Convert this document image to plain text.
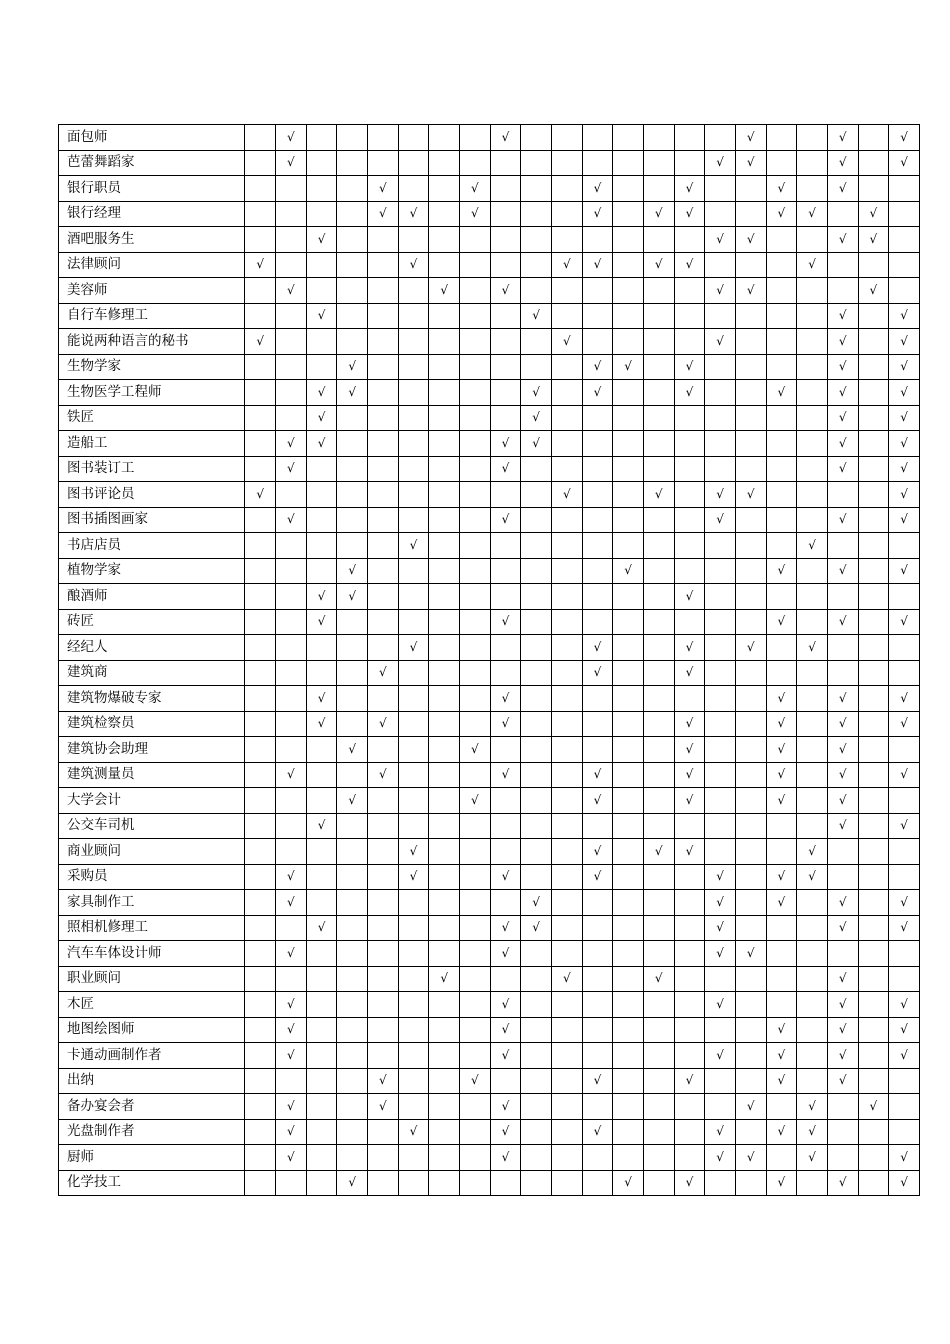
面包师		√							√								√			√		√
芭蕾舞蹈家		√														√	√			√		√
银行职员					√			√				√			√			√		√		
银行经理					√	√		√				√		√	√			√	√		√	
酒吧服务生			√													√	√			√	√	
法律顾问	√					√					√	√		√	√				√			
美容师		√					√		√							√	√				√	
自行车修理工			√							√										√		√
能说两种语言的秘书	√										√					√				√		√
生物学家				√								√	√		√					√		√
生物医学工程师			√	√						√		√			√			√		√		√
铁匠			√							√										√		√
造船工		√	√						√	√										√		√
图书装订工		√							√											√		√
图书评论员	√										√			√		√	√					√
图书插图画家		√							√							√				√		√
书店店员						√													√			
植物学家				√									√					√		√		√
酿酒师			√	√											√							
砖匠			√						√									√		√		√
经纪人						√						√			√		√		√			
建筑商					√							√			√							
建筑物爆破专家			√						√									√		√		√
建筑检察员			√		√				√						√			√		√		√
建筑协会助理				√				√							√			√		√		
建筑测量员		√			√				√			√			√			√		√		√
大学会计				√				√				√			√			√		√		
公交车司机			√																	√		√
商业顾问						√						√		√	√				√			
采购员		√				√			√			√				√		√	√			
家具制作工		√								√						√		√		√		√
照相机修理工			√						√	√						√				√		√
汽车车体设计师		√							√							√	√					
职业顾问							√				√			√						√		
木匠		√							√							√				√		√
地图绘图师		√							√									√		√		√
卡通动画制作者		√							√							√		√		√		√
出纳					√			√				√			√			√		√		
备办宴会者		√			√				√								√		√		√	
光盘制作者		√				√			√			√				√		√	√			
厨师		√							√							√	√		√			√
化学技工				√									√		√			√		√		√
